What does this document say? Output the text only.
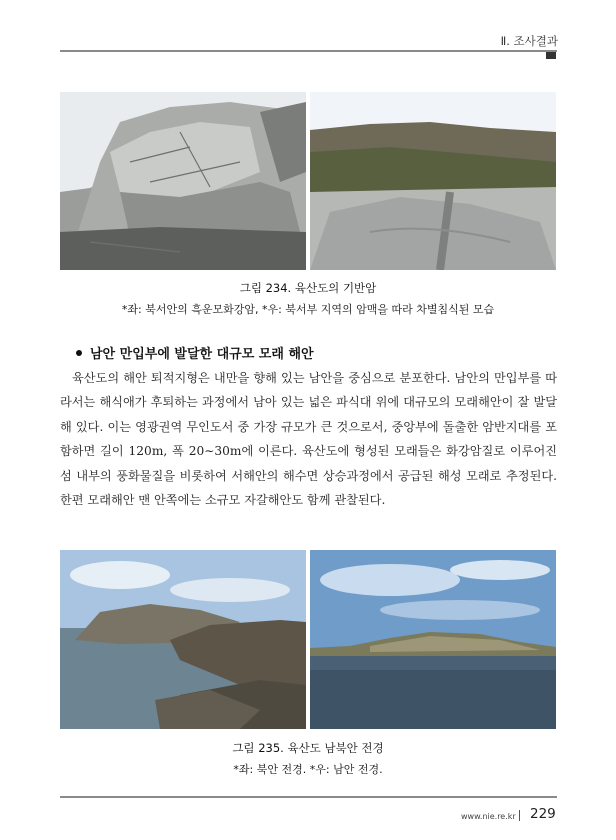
Ⅱ. 조사결과
그림 234. 육산도의 기반암
*좌: 북서안의 흑운모화강암, *우: 북서부 지역의 암맥을 따라 차별침식된 모습
남안 만입부에 발달한 대규모 모래 해안

육산도의 해안 퇴적지형은 내만을 향해 있는 남안을 중심으로 분포한다. 남안의 만입부를 따라서는 해식애가 후퇴하는 과정에서 남아 있는 넓은 파식대 위에 대규모의 모래해안이 잘 발달해 있다. 이는 영광권역 무인도서 중 가장 규모가 큰 것으로서, 중앙부에 돌출한 암반지대를 포함하면 길이 120m, 폭 20∼30m에 이른다. 육산도에 형성된 모래들은 화강암질로 이루어진 섬 내부의 풍화물질을 비롯하여 서해안의 해수면 상승과정에서 공급된 해성 모래로 추정된다. 한편 모래해안 맨 안쪽에는 소규모 자갈해안도 함께 관찰된다.

그림 235. 육산도 남북안 전경
*좌: 북안 전경. *우: 남안 전경.
www.nie.re.kr 229
